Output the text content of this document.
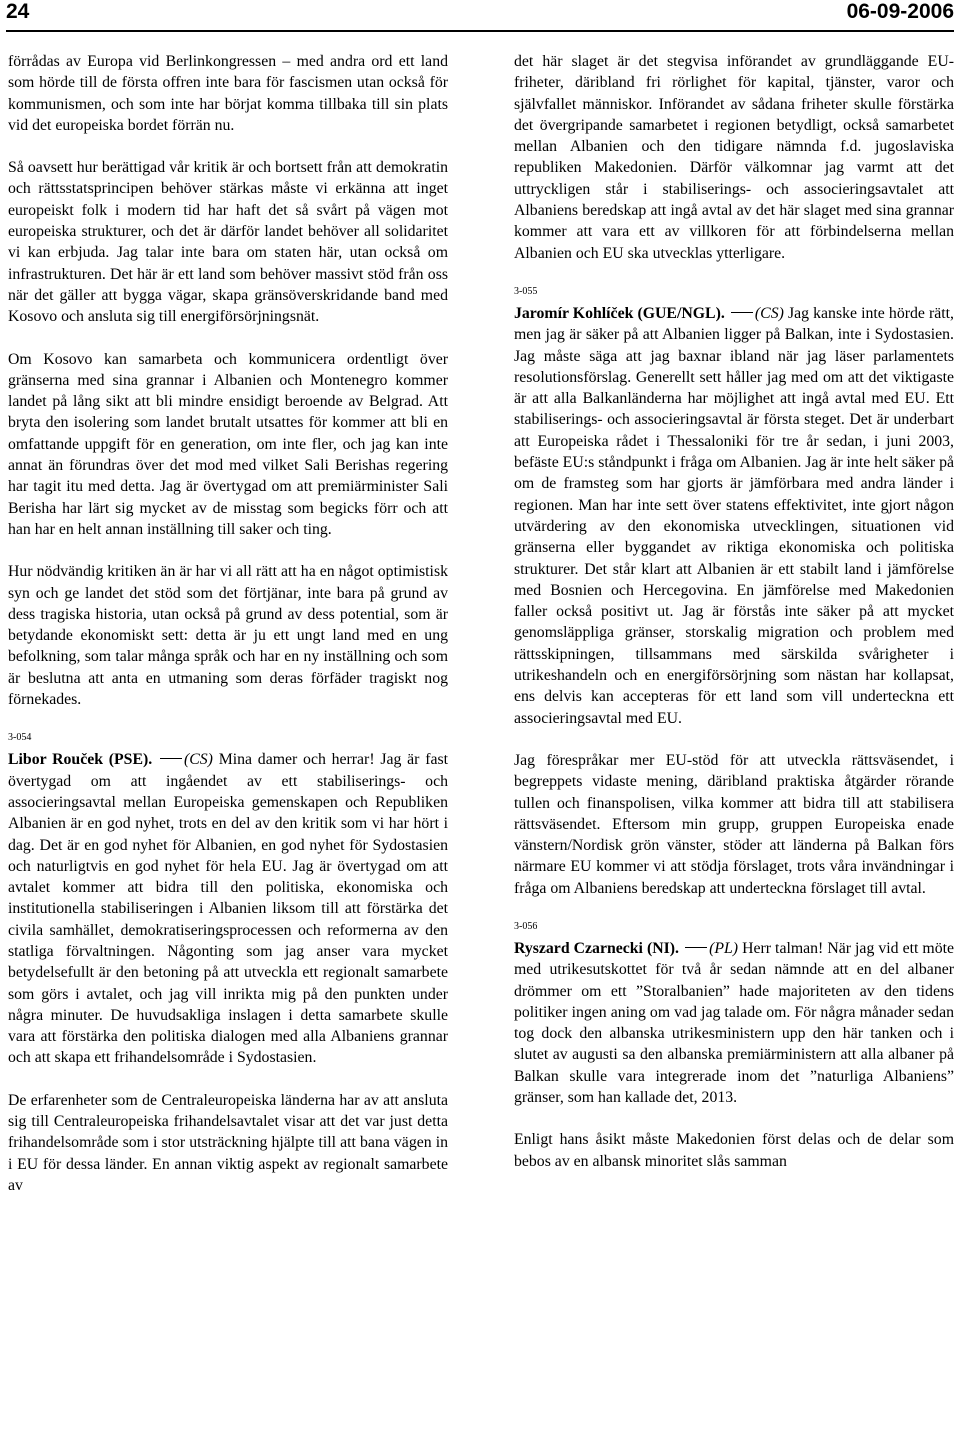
24	06-09-2006

förrådas av Europa vid Berlinkongressen – med andra ord ett land som hörde till de första offren inte bara för fascismen utan också för kommunismen, och som inte har börjat komma tillbaka till sin plats vid det europeiska bordet förrän nu.

Så oavsett hur berättigad vår kritik är och bortsett från att demokratin och rättsstatsprincipen behöver stärkas måste vi erkänna att inget europeiskt folk i modern tid har haft det så svårt på vägen mot europeiska strukturer, och det är därför landet behöver all solidaritet vi kan erbjuda. Jag talar inte bara om staten här, utan också om infrastrukturen. Det här är ett land som behöver massivt stöd från oss när det gäller att bygga vägar, skapa gränsöverskridande band med Kosovo och ansluta sig till energiförsörjningsnät.

Om Kosovo kan samarbeta och kommunicera ordentligt över gränserna med sina grannar i Albanien och Montenegro kommer landet på lång sikt att bli mindre ensidigt beroende av Belgrad. Att bryta den isolering som landet brutalt utsattes för kommer att bli en omfattande uppgift för en generation, om inte fler, och jag kan inte annat än förundras över det mod med vilket Sali Berishas regering har tagit itu med detta. Jag är övertygad om att premiärminister Sali Berisha har lärt sig mycket av de misstag som begicks förr och att han har en helt annan inställning till saker och ting.

Hur nödvändig kritiken än är har vi all rätt att ha en något optimistisk syn och ge landet det stöd som det förtjänar, inte bara på grund av dess tragiska historia, utan också på grund av dess potential, som är betydande ekonomiskt sett: detta är ju ett ungt land med en ung befolkning, som talar många språk och har en ny inställning och som är beslutna att anta en utmaning som deras förfäder tragiskt nog förnekades.

3-054

Libor Rouček (PSE). (CS) Mina damer och herrar! Jag är fast övertygad om att ingåendet av ett stabiliserings- och associeringsavtal mellan Europeiska gemenskapen och Republiken Albanien är en god nyhet, trots en del av den kritik som vi har hört i dag. Det är en god nyhet för Albanien, en god nyhet för Sydostasien och naturligtvis en god nyhet för hela EU. Jag är övertygad om att avtalet kommer att bidra till den politiska, ekonomiska och institutionella stabiliseringen i Albanien liksom till att förstärka det civila samhället, demokratiseringsprocessen och reformerna av den statliga förvaltningen. Någonting som jag anser vara mycket betydelsefullt är den betoning på att utveckla ett regionalt samarbete som görs i avtalet, och jag vill inrikta mig på den punkten under några minuter. De huvudsakliga inslagen i detta samarbete skulle vara att förstärka den politiska dialogen med alla Albaniens grannar och att skapa ett frihandelsområde i Sydostasien.

De erfarenheter som de Centraleuropeiska länderna har av att ansluta sig till Centraleuropeiska frihandelsavtalet visar att det var just detta frihandelsområde som i stor utsträckning hjälpte till att bana vägen in i EU för dessa länder. En annan viktig aspekt av regionalt samarbete av

det här slaget är det stegvisa införandet av grundläggande EU-friheter, däribland fri rörlighet för kapital, tjänster, varor och självfallet människor. Införandet av sådana friheter skulle förstärka det övergripande samarbetet i regionen betydligt, också samarbetet mellan Albanien och den tidigare nämnda f.d. jugoslaviska republiken Makedonien. Därför välkomnar jag varmt att det uttryckligen står i stabiliserings- och associeringsavtalet att Albaniens beredskap att ingå avtal av det här slaget med sina grannar kommer att vara ett av villkoren för att förbindelserna mellan Albanien och EU ska utvecklas ytterligare.

3-055

Jaromír Kohlíček (GUE/NGL). (CS) Jag kanske inte hörde rätt, men jag är säker på att Albanien ligger på Balkan, inte i Sydostasien. Jag måste säga att jag baxnar ibland när jag läser parlamentets resolutionsförslag. Generellt sett håller jag med om att det viktigaste är att alla Balkanländerna har möjlighet att ingå avtal med EU. Ett stabiliserings- och associeringsavtal är första steget. Det är underbart att Europeiska rådet i Thessaloniki för tre år sedan, i juni 2003, befäste EU:s ståndpunkt i fråga om Albanien. Jag är inte helt säker på om de framsteg som har gjorts är jämförbara med andra länder i regionen. Man har inte sett över statens effektivitet, inte gjort någon utvärdering av den ekonomiska utvecklingen, situationen vid gränserna eller byggandet av riktiga ekonomiska och politiska strukturer. Det står klart att Albanien är ett stabilt land i jämförelse med Bosnien och Hercegovina. En jämförelse med Makedonien faller också positivt ut. Jag är förstås inte säker på att mycket genomsläppliga gränser, storskalig migration och problem med rättsskipningen, tillsammans med särskilda svårigheter i utrikeshandeln och en energiförsörjning som nästan har kollapsat, ens delvis kan accepteras för ett land som vill underteckna ett associeringsavtal med EU.

Jag förespråkar mer EU-stöd för att utveckla rättsväsendet, i begreppets vidaste mening, däribland praktiska åtgärder rörande tullen och finanspolisen, vilka kommer att bidra till att stabilisera rättsväsendet. Eftersom min grupp, gruppen Europeiska enade vänstern/Nordisk grön vänster, stöder att länderna på Balkan förs närmare EU kommer vi att stödja förslaget, trots våra invändningar i fråga om Albaniens beredskap att underteckna förslaget till avtal.

3-056

Ryszard Czarnecki (NI). (PL) Herr talman! När jag vid ett möte med utrikesutskottet för två år sedan nämnde att en del albaner drömmer om ett ”Storalbanien” hade majoriteten av den tidens politiker ingen aning om vad jag talade om. För några månader sedan tog dock den albanska utrikesministern upp den här tanken och i slutet av augusti sa den albanska premiärministern att alla albaner på Balkan skulle vara integrerade inom det ”naturliga Albaniens” gränser, som han kallade det, 2013.

Enligt hans åsikt måste Makedonien först delas och de delar som bebos av en albansk minoritet slås samman
